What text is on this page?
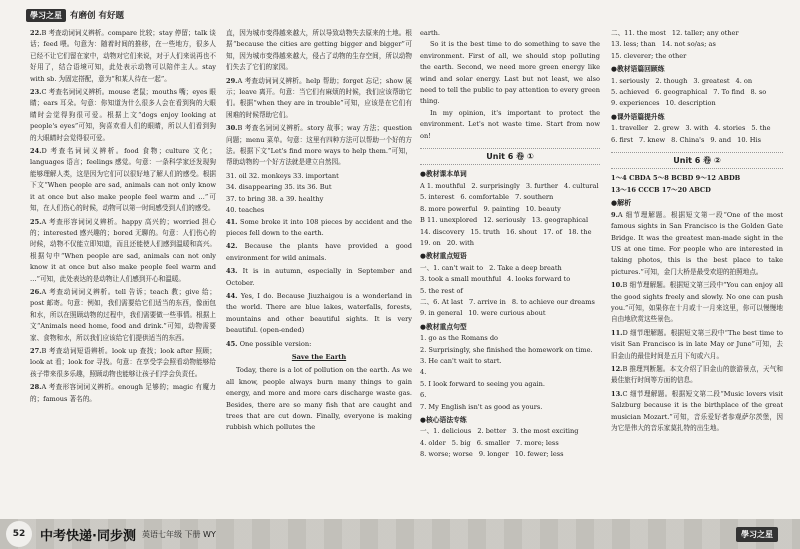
學习之星 有磨创 有好题

22.B 考查动词词义辨析。compare 比较；stay 停留；talk 谈话；feed 喂。句意为：随着时间的推移，在一些地方，很多人已经不让它们留在家中，动物对它们来说，对于人们来说再也不好用了，结合语境可知，此处表示动物可以陪伴主人。stay with sb. 为固定搭配，意为“和某人待在一起”。

23.C 考查名词词义辨析。mouse 老鼠；mouths 嘴；eyes 眼睛；ears 耳朵。句意：你知道为什么很多人会在看到狗的大眼睛时会觉得狗很可爱。根据上文“dogs enjoy looking at people's eyes”可知，狗喜欢看人们的眼睛，所以人们看到狗的大眼睛时会觉得很可爱。

24.D 考查名词词义辨析。food 食物；culture 文化；languages 语言；feelings 感觉。句意：一条科学家还发现狗能够理解人类，这是因为它们可以很好地了解人们的感受。根据下文“When people are sad, animals can not only know it at once but also make people feel warm and …”可知，在人们伤心的时候，动物可以第一时间感受到人们的感受。

25.A 考查形容词词义辨析。happy 高兴的；worried 担心的；interested 感兴趣的；bored 无聊的。句意：人们伤心的时候，动物不仅能立即知道，而且还能使人们感到温暖和高兴。根据句中“When people are sad, animals can not only know it at once but also make people feel warm and …”可知，此处表达的是动物让人们感到开心和温暖。

26.A 考查动词词义辨析。tell 告诉；teach 教；give 给；post 邮寄。句意：例如，我们需要给它们适当的东西，像面包和水，所以在照顾动物的过程中，我们需要做一些事情。根据上文“Animals need home, food and drink.”可知，动物需要家、食物和水，所以我们应该给它们提供适当的东西。

27.B 考查动词短语辨析。look up 查找；look after 照顾；look at 看；look for 寻找。句意：在享受学会照看动物能够给孩子带来很多乐趣，照顾动物也能够让孩子们学会负责任。

28.A 考查形容词词义辨析。enough 足够的；magic 有魔力的；famous 著名的。

直，因为城市变得越来越大，所以导致动物失去原来的土地。根据“because the cities are getting bigger and bigger”可知，因为城市变得越来越大，侵占了动物的生存空间，所以动物们失去了它们的家园。

29.A 考查动词词义辨析。help 帮助；forget 忘记；show 展示；leave 离开。句意：当它们有麻烦的时候，我们应该帮助它们。根据“when they are in trouble”可知，应该是在它们有困难的时候帮助它们。

30.B 考查名词词义辨析。story 故事；way 方法；question 问题；menu 菜单。句意：这里有四种方法可以帮助一个好的方法。根据下文“Let's find more ways to help them.”可知，帮助动物的一个好方法就是建立自然园。

31. oil 32. monkeys 33. important
34. disappearing 35. its 36. But
37. to bring 38. a 39. healthy
40. teaches

41. Some broke it into 108 pieces by accident and the pieces fell down to the earth.

42. Because the plants have provided a good environment for wild animals.

43. It is in autumn, especially in September and October.

44. Yes, I do. Because Jiuzhaigou is a wonderland in the world. There are blue lakes, waterfalls, forests, mountains and other beautiful sights. It is very beautiful. (open-ended)

45. One possible version:

Save the Earth

Today, there is a lot of pollution on the earth. As we all know, people always burn many things to gain energy, and more and more cars discharge waste gas. Besides, there are so many fish that are caught and trees that are cut down. Finally, everyone is making rubbish which pollutes the

earth.

So it is the best time to do something to save the environment. First of all, we should stop polluting the earth. Second, we need more green energy like wind and solar energy. Last but not least, we also need to tell the public to pay attention to every green thing.

In my opinion, it's important to protect the environment. Let's not waste time. Start from now on!

Unit 6 卷 ①
● 教材课本单词
A 1. mouthful 2. surprisingly 3. further 4. cultural
5. interest 6. comfortable 7. southern
8. more powerful 9. painting 10. beauty
B 11. unexplored 12. seriously 13. geographical
14. discovery 15. truth 16. shout 17. of 18. the
19. on 20. with
● 教材重点短语
一、1. can't wait to 2. Take a deep breath
3. took a small mouthful 4. looks forward to
5. the rest of
二、6. At last 7. arrive in 8. to achieve our dreams
9. in general 10. were curious about
● 教材重点句型
1. go as the Romans do
2. Surprisingly, she finished the homework on time.
3. He can't wait to start.
4.
5. I look forward to seeing you again.
6.
7. My English isn't as good as yours.
● 核心语法专练
一、1. delicious 2. better 3. the most exciting
4. older 5. big 6. smaller 7. more; less
8. worse; worse 9. longer 10. fewer; less
二、11. the most 12. taller; any other
13. less; than 14. not so/as; as
15. cleverer; the other
● 教材语篇回顾练
1. seriously 2. though 3. greatest 4. on
5. achieved 6. geographical 7. To find 8. so
9. experiences 10. description
● 课外语篇提升练
1. traveller 2. grew 3. with 4. stories 5. the
6. first 7. knew 8. China's 9. and 10. His
Unit 6 卷 ②
1～4 CBDA 5～8 BCBD 9～12 ABDB
13～16 CCCB 17～20 ABCD
● 解析

9.A 细节理解题。根据短文第一段“One of the most famous sights in San Francisco is the Golden Gate Bridge. It was the greatest man-made sight in the US at one time. For people who are interested in taking photos, this is the best place to take pictures.”可知，金门大桥是最受欢迎的拍照地点。

10.B 细节理解题。根据短文第三段中“You can enjoy all the good sights freely and slowly. No one can push you.”可知，如果你在十月或十一月来这里，你可以慢慢地自由地欣赏这些景色。

11.D 细节理解题。根据短文第三段中“The best time to visit San Francisco is in late May or June”可知，去旧金山的最佳时间是五月下旬或六月。

12.B 推理判断题。本文介绍了旧金山的旅游景点，天气和最佳旅行时间等方面的信息。

13.C 细节理解题。根据短文第二段“Music lovers visit Salzburg because it is the birthplace of the great musician Mozart.”可知，音乐爱好者参观萨尔茨堡，因为它是伟大的音乐家莫扎特的出生地。

52	中考快递·同步测 英语七年级 下册 WY	學习之星
